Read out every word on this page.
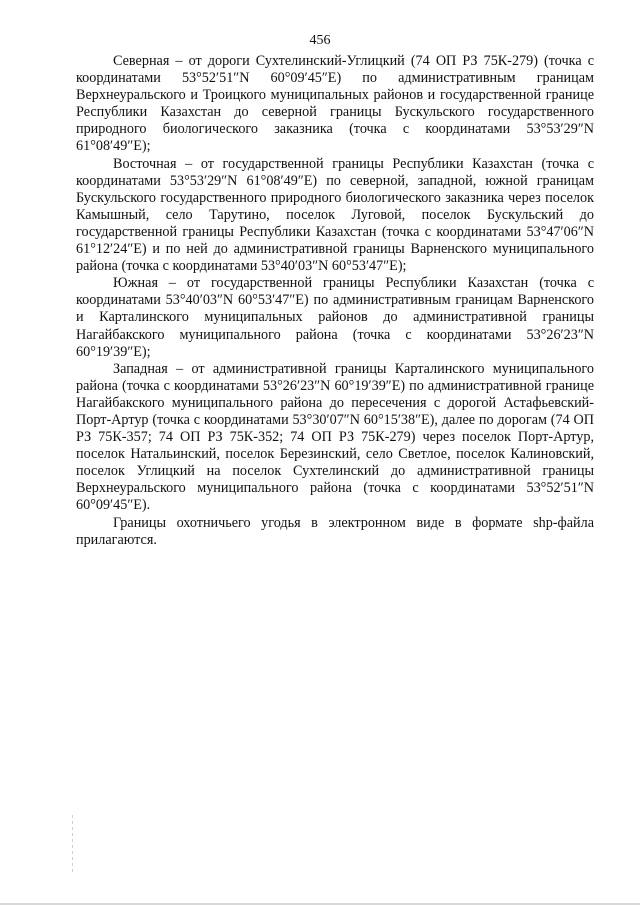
456

Северная – от дороги Сухтелинский-Углицкий (74 ОП РЗ 75К-279) (точка с координатами 53°52′51″N 60°09′45″E) по административным границам Верхнеуральского и Троицкого муниципальных районов и государственной границе Республики Казахстан до северной границы Бускульского государственного природного биологического заказника (точка с координатами 53°53′29″N 61°08′49″E);

Восточная – от государственной границы Республики Казахстан (точка с координатами 53°53′29″N 61°08′49″E) по северной, западной, южной границам Бускульского государственного природного биологического заказника через поселок Камышный, село Тарутино, поселок Луговой, поселок Бускульский до государственной границы Республики Казахстан (точка с координатами 53°47′06″N 61°12′24″E) и по ней до административной границы Варненского муниципального района (точка с координатами 53°40′03″N 60°53′47″E);

Южная – от государственной границы Республики Казахстан (точка с координатами 53°40′03″N 60°53′47″E) по административным границам Варненского и Карталинского муниципальных районов до административной границы Нагайбакского муниципального района (точка с координатами 53°26′23″N 60°19′39″E);

Западная – от административной границы Карталинского муниципального района (точка с координатами 53°26′23″N 60°19′39″E) по административной границе Нагайбакского муниципального района до пересечения с дорогой Астафьевский-Порт-Артур (точка с координатами 53°30′07″N 60°15′38″E), далее по дорогам (74 ОП РЗ 75К-357; 74 ОП РЗ 75К-352; 74 ОП РЗ 75К-279) через поселок Порт-Артур, поселок Натальинский, поселок Березинский, село Светлое, поселок Калиновский, поселок Углицкий на поселок Сухтелинский до административной границы Верхнеуральского муниципального района (точка с координатами 53°52′51″N 60°09′45″E).

Границы охотничьего угодья в электронном виде в формате shp-файла прилагаются.
